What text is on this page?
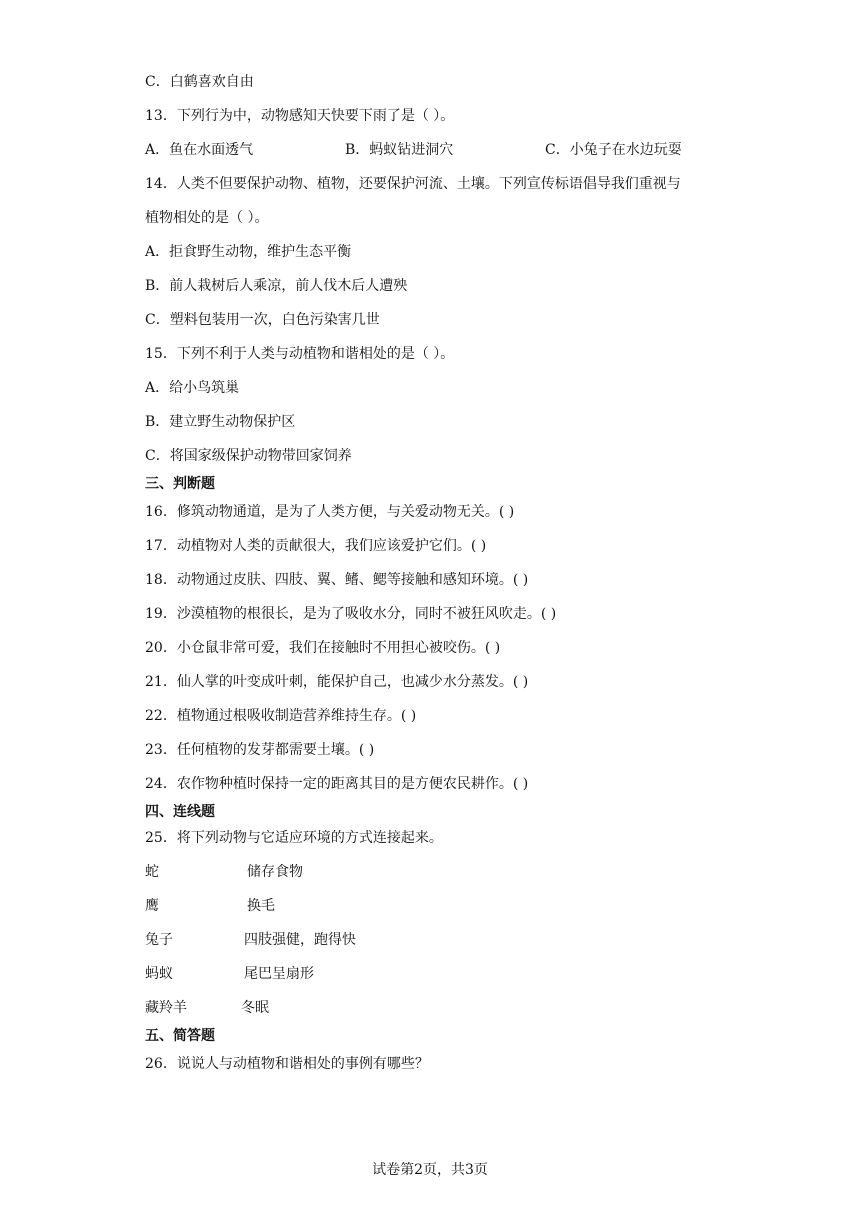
C．白鹤喜欢自由
13．下列行为中，动物感知天快要下雨了是（ ）。
A．鱼在水面透气	B．蚂蚁钻进洞穴	C．小兔子在水边玩耍
14．人类不但要保护动物、植物，还要保护河流、土壤。下列宣传标语倡导我们重视与
植物相处的是（ ）。
A．拒食野生动物，维护生态平衡
B．前人栽树后人乘凉，前人伐木后人遭殃
C．塑料包装用一次，白色污染害几世
15．下列不利于人类与动植物和谐相处的是（ ）。
A．给小鸟筑巢
B．建立野生动物保护区
C．将国家级保护动物带回家饲养
三、判断题
16．修筑动物通道，是为了人类方便，与关爱动物无关。( )
17．动植物对人类的贡献很大，我们应该爱护它们。( )
18．动物通过皮肤、四肢、翼、鳍、鳃等接触和感知环境。( )
19．沙漠植物的根很长，是为了吸收水分，同时不被狂风吹走。( )
20．小仓鼠非常可爱，我们在接触时不用担心被咬伤。( )
21．仙人掌的叶变成叶刺，能保护自己，也减少水分蒸发。( )
22．植物通过根吸收制造营养维持生存。( )
23．任何植物的发芽都需要土壤。( )
24．农作物种植时保持一定的距离其目的是方便农民耕作。( )
四、连线题
25．将下列动物与它适应环境的方式连接起来。
蛇	储存食物
鹰	换毛
兔子	四肢强健，跑得快
蚂蚁	尾巴呈扇形
藏羚羊	冬眠
五、简答题
26．说说人与动植物和谐相处的事例有哪些？
试卷第2页，共3页
